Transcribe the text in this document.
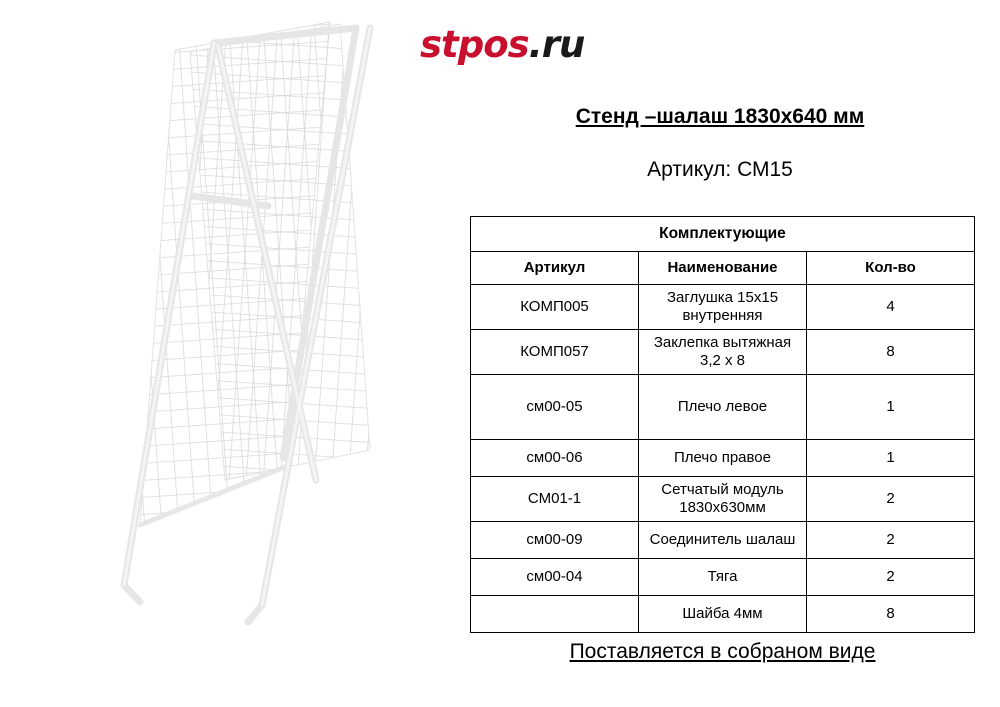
stpos.ru
Стенд –шалаш 1830x640 мм
Артикул: СМ15
Комплектующие		
Артикул	Наименование	Кол-во
КОМП005	Заглушка 15х15 внутренняя	4
КОМП057	Заклепка вытяжная 3,2 х 8	8
см00-05	Плечо левое	1
см00-06	Плечо правое	1
СМ01-1	Сетчатый модуль 1830х630мм	2
см00-09	Соединитель шалаш	2
см00-04	Тяга	2
	Шайба 4мм	8
Поставляется в собраном виде
